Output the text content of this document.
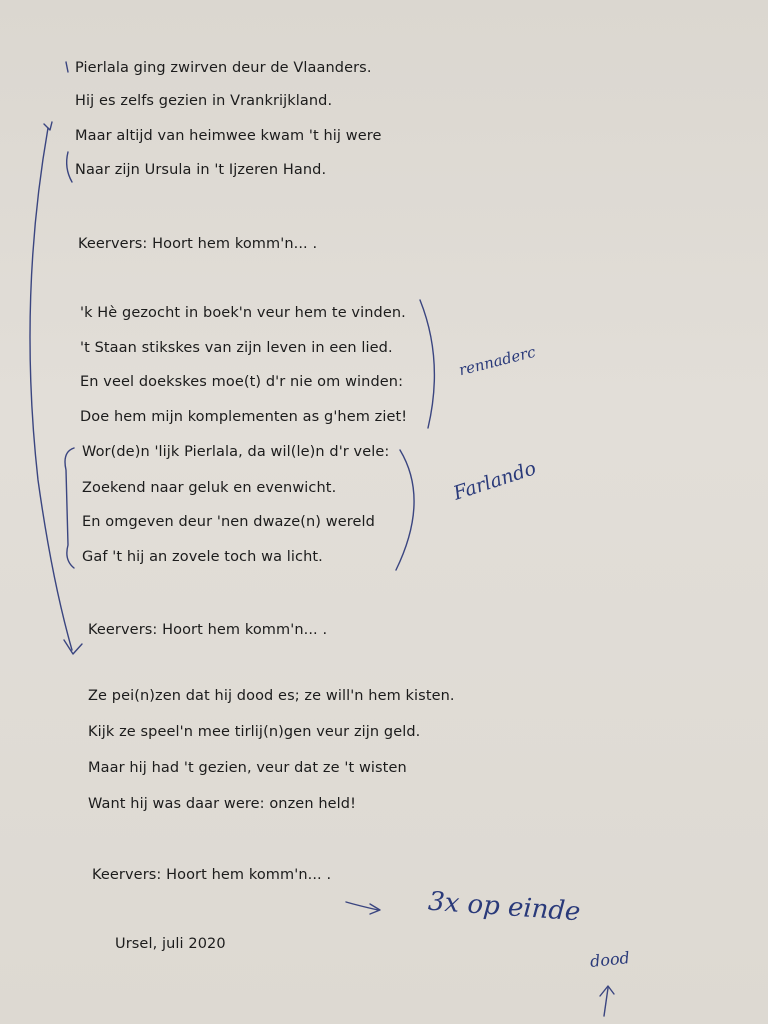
Pierlala ging zwirven deur de Vlaanders.
Hij es zelfs gezien in Vrankrijkland.
Maar altijd van heimwee kwam 't hij were
Naar zijn Ursula in 't Ijzeren Hand.
Keervers: Hoort hem komm'n... .
'k Hè gezocht in boek'n veur hem te vinden.
't Staan stikskes van zijn leven in een lied.
En veel doekskes moe(t) d'r nie om winden:
Doe hem mijn komplementen as g'hem ziet!
Wor(de)n 'lijk Pierlala, da wil(le)n d'r vele:
Zoekend naar geluk en evenwicht.
En omgeven deur 'nen dwaze(n) wereld
Gaf 't hij an zovele toch wa licht.
Keervers: Hoort hem komm'n... .
Ze pei(n)zen dat hij dood es; ze will'n hem kisten.
Kijk ze speel'n mee tirlij(n)gen veur zijn geld.
Maar hij had 't gezien, veur dat ze 't wisten
Want hij was daar were: onzen held!
Keervers: Hoort hem komm'n... .
Ursel, juli 2020
rennaderc
Farlando
3x op einde
dood
